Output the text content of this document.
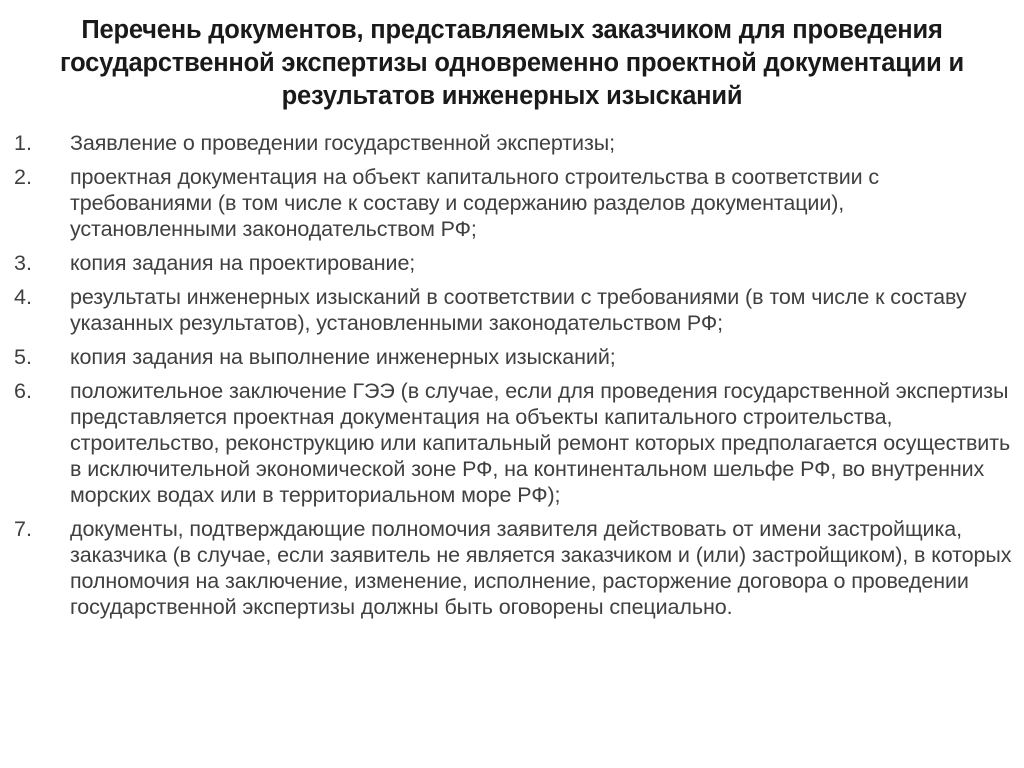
Перечень документов, представляемых заказчиком для проведения государственной экспертизы одновременно проектной документации и результатов инженерных изысканий
1.	Заявление о проведении государственной экспертизы;
2.	проектная документация на объект капитального строительства в соответствии с требованиями (в том числе к составу и содержанию разделов документации), установленными законодательством РФ;
3.	копия задания на проектирование;
4.	результаты инженерных изысканий в соответствии с требованиями (в том числе к составу указанных результатов), установленными законодательством РФ;
5.	копия задания на выполнение инженерных изысканий;
6.	положительное заключение ГЭЭ (в случае, если для проведения государственной экспертизы представляется проектная документация на объекты капитального строительства, строительство, реконструкцию или капитальный ремонт которых предполагается осуществить в исключительной экономической зоне РФ, на континентальном шельфе РФ, во внутренних морских водах или в территориальном море РФ);
7.	документы, подтверждающие полномочия заявителя действовать от имени застройщика, заказчика (в случае, если заявитель не является заказчиком и (или) застройщиком), в которых полномочия на заключение, изменение, исполнение, расторжение договора о проведении государственной экспертизы должны быть оговорены специально.
